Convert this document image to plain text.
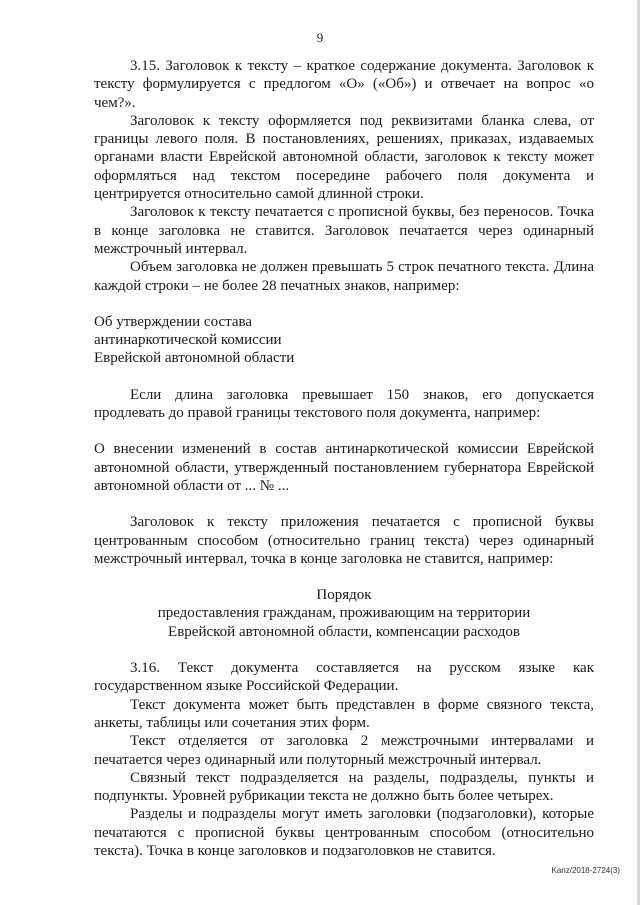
9

3.15. Заголовок к тексту – краткое содержание документа. Заголовок к тексту формулируется с предлогом «О» («Об») и отвечает на вопрос «о чем?».

Заголовок к тексту оформляется под реквизитами бланка слева, от границы левого поля. В постановлениях, решениях, приказах, издаваемых органами власти Еврейской автономной области, заголовок к тексту может оформляться над текстом посередине рабочего поля документа и центрируется относительно самой длинной строки.

Заголовок к тексту печатается с прописной буквы, без переносов. Точка в конце заголовка не ставится. Заголовок печатается через одинарный межстрочный интервал.

Объем заголовка не должен превышать 5 строк печатного текста. Длина каждой строки – не более 28 печатных знаков, например:

Об утверждении состава
антинаркотической комиссии
Еврейской автономной области

Если длина заголовка превышает 150 знаков, его допускается продлевать до правой границы текстового поля документа, например:

О внесении изменений в состав антинаркотической комиссии Еврейской автономной области, утвержденный постановлением губернатора Еврейской автономной области от ... № ...

Заголовок к тексту приложения печатается с прописной буквы центрованным способом (относительно границ текста) через одинарный межстрочный интервал, точка в конце заголовка не ставится, например:

Порядок
предоставления гражданам, проживающим на территории
Еврейской автономной области, компенсации расходов

3.16. Текст документа составляется на русском языке как государственном языке Российской Федерации.

Текст документа может быть представлен в форме связного текста, анкеты, таблицы или сочетания этих форм.

Текст отделяется от заголовка 2 межстрочными интервалами и печатается через одинарный или полуторный межстрочный интервал.

Связный текст подразделяется на разделы, подразделы, пункты и подпункты. Уровней рубрикации текста не должно быть более четырех.

Разделы и подразделы могут иметь заголовки (подзаголовки), которые печатаются с прописной буквы центрованным способом (относительно текста). Точка в конце заголовков и подзаголовков не ставится.

Kanz/2018-2724(3)
